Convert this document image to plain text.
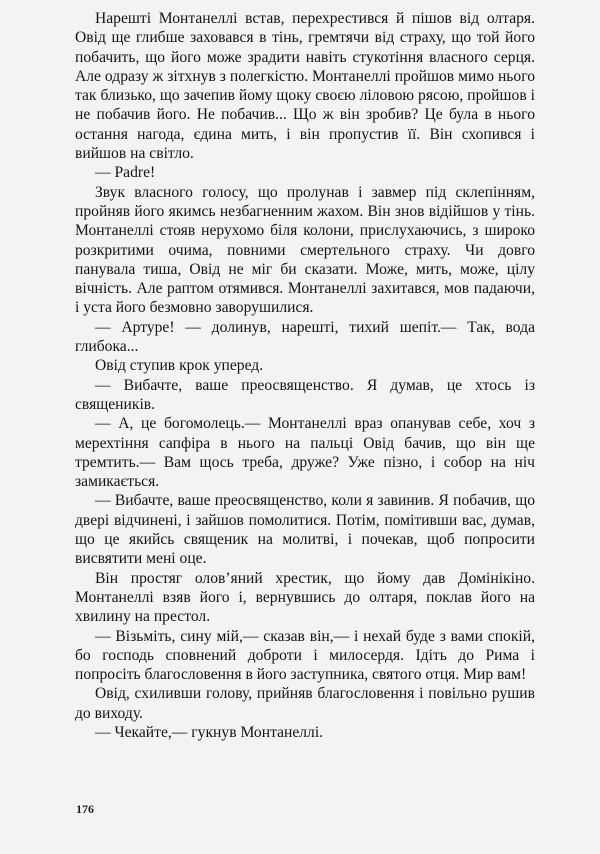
Нарешті Монтанеллі встав, перехрестився й пішов від олтаря. Овід ще глибше заховався в тінь, гремтячи від страху, що той його побачить, що його може зрадити навіть стукотіння власного серця. Але одразу ж зітхнув з полегкістю. Монтанеллі пройшов мимо нього так близько, що зачепив йому щоку своєю ліловою рясою, пройшов і не побачив його. Не побачив... Що ж він зробив? Це була в нього остання нагода, єдина мить, і він пропустив її. Він схопився і вийшов на світло.

— Padre!

Звук власного голосу, що пролунав і завмер під склепінням, пройняв його якимсь незбагненним жахом. Він знов відійшов у тінь. Монтанеллі стояв нерухомо біля колони, прислухаючись, з широко розкритими очима, повними смертельного страху. Чи довго панувала тиша, Овід не міг би сказати. Може, мить, може, цілу вічність. Але раптом отямився. Монтанеллі захитався, мов падаючи, і уста його безмовно заворушилися.

— Артуре! — долинув, нарешті, тихий шепіт.— Так, вода глибока...

Овід ступив крок уперед.

— Вибачте, ваше преосвященство. Я думав, це хтось із священиків.

— А, це богомолець.— Монтанеллі враз опанував себе, хоч з мерехтіння сапфіра в нього на пальці Овід бачив, що він ще тремтить.— Вам щось треба, друже? Уже пізно, і собор на ніч замикається.

— Вибачте, ваше преосвященство, коли я завинив. Я побачив, що двері відчинені, і зайшов помолитися. Потім, помітивши вас, думав, що це якийсь священик на молитві, і почекав, щоб попросити висвятити мені оце.

Він простяг олов’яний хрестик, що йому дав Домінікіно. Монтанеллі взяв його і, вернувшись до олтаря, поклав його на хвилину на престол.

— Візьміть, сину мій,— сказав він,— і нехай буде з вами спокій, бо господь сповнений доброти і милосердя. Ідіть до Рима і попросіть благословення в його заступника, святого отця. Мир вам!

Овід, схиливши голову, прийняв благословення і повільно рушив до виходу.

— Чекайте,— гукнув Монтанеллі.

176
